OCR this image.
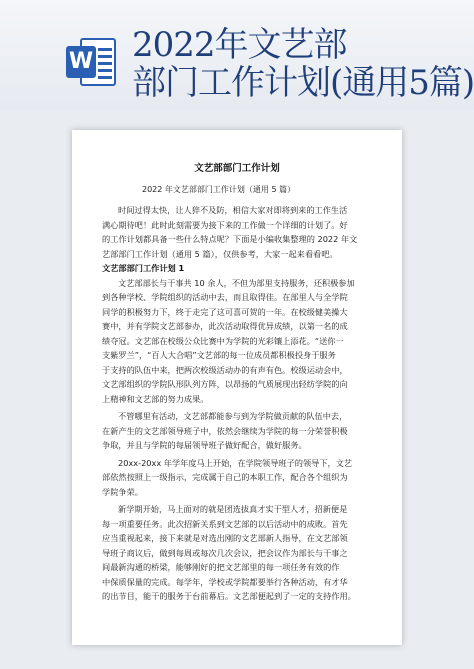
W 2022年文艺部
部门工作计划(通用5篇)
文艺部部门工作计划
2022 年文艺部部门工作计划（通用 5 篇）
时间过得太快，让人猝不及防，相信大家对即将到来的工作生活
满心期待吧！此时此刻需要为接下来的工作做一个详细的计划了。好
的工作计划都具备一些什么特点呢？下面是小编收集整理的 2022 年文
艺部部门工作计划（通用 5 篇），仅供参考，大家一起来看看吧。
文艺部部门工作计划 1
文艺部部长与干事共 10 余人，不但为部里支持服务，还积极参加
到各种学校、学院组织的活动中去，而且取得佳。在部里人与全学院
同学的积极努力下，终于走完了这可喜可贺的一年。在校级健美操大
赛中，并有学院文艺部参办，此次活动取得优异成绩，以第一名的成
绩夺冠。文艺部在校级公众比赛中为学院的光彩镶上添花。“送你一
支紫罗兰”，“百人大合唱”文艺部的每一位成员都积极投身于服务
于支持的队伍中来，把两次校级活动办的有声有色。校级运动会中，
文艺部组织的学院队形队列方阵，以昂扬的气质展现出轻纺学院的向
上精神和文艺部的努力成果。
不管哪里有活动，文艺部都能参与到为学院做贡献的队伍中去，
在新产生的文艺部领导班子中，依然会继续为学院的每一分荣誉积极
争取，并且与学院的每届领导班子做好配合，做好服务。
20xx-20xx 年学年度马上开始，在学院领导班子的领导下，文艺
部依然按照上一级指示，完成属于自己的本职工作，配合各个组织为
学院争荣。
新学期开始，马上面对的就是团选拔真才实干型人才，招新便是
每一项重要任务。此次招新关系到文艺部的以后活动中的成败。首先
应当重视起来，接下来就是对选出刚的文艺部新人指导，在文艺部领
导班子商议后，做到每周或每次几次会议，把会议作为部长与干事之
间最新沟通的桥梁，能够刚好的把文艺部里的每一项任务有效的作
中保质保量的完成。每学年，学校或学院都要举行各种活动，有才华
的出节目，能干的服务于台前幕后。文艺部便起到了一定的支持作用。
